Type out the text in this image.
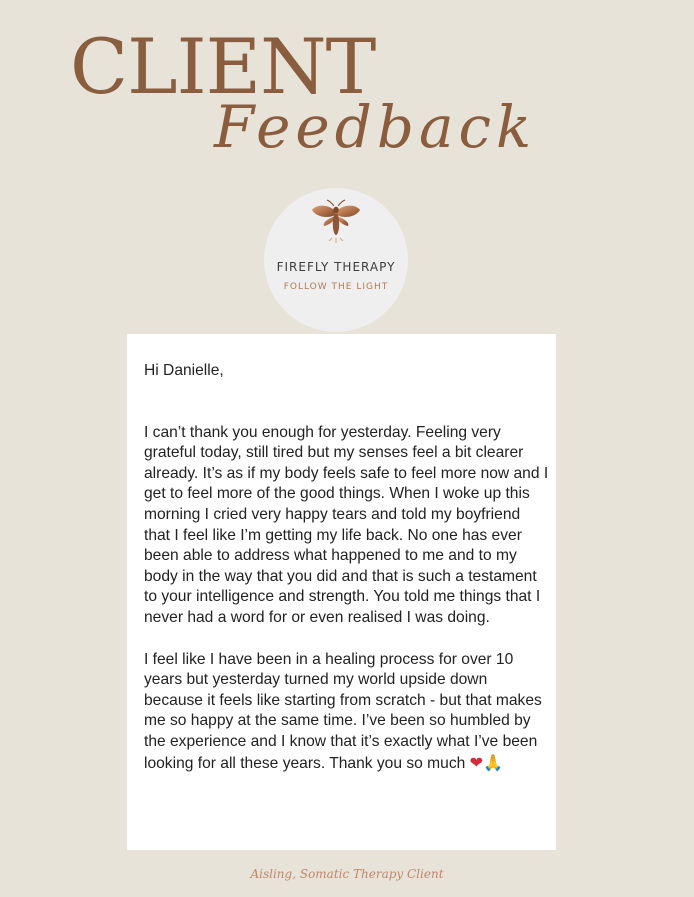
CLIENT
Feedback
FIREFLY THERAPY
FOLLOW THE LIGHT

Hi Danielle,

I can’t thank you enough for yesterday. Feeling very grateful today, still tired but my senses feel a bit clearer already. It’s as if my body feels safe to feel more now and I get to feel more of the good things. When I woke up this morning I cried very happy tears and told my boyfriend that I feel like I’m getting my life back. No one has ever been able to address what happened to me and to my body in the way that you did and that is such a testament to your intelligence and strength. You told me things that I never had a word for or even realised I was doing.

I feel like I have been in a healing process for over 10 years but yesterday turned my world upside down because it feels like starting from scratch - but that makes me so happy at the same time. I’ve been so humbled by the experience and I know that it’s exactly what I’ve been looking for all these years. Thank you so much ❤🙏

Aisling, Somatic Therapy Client
